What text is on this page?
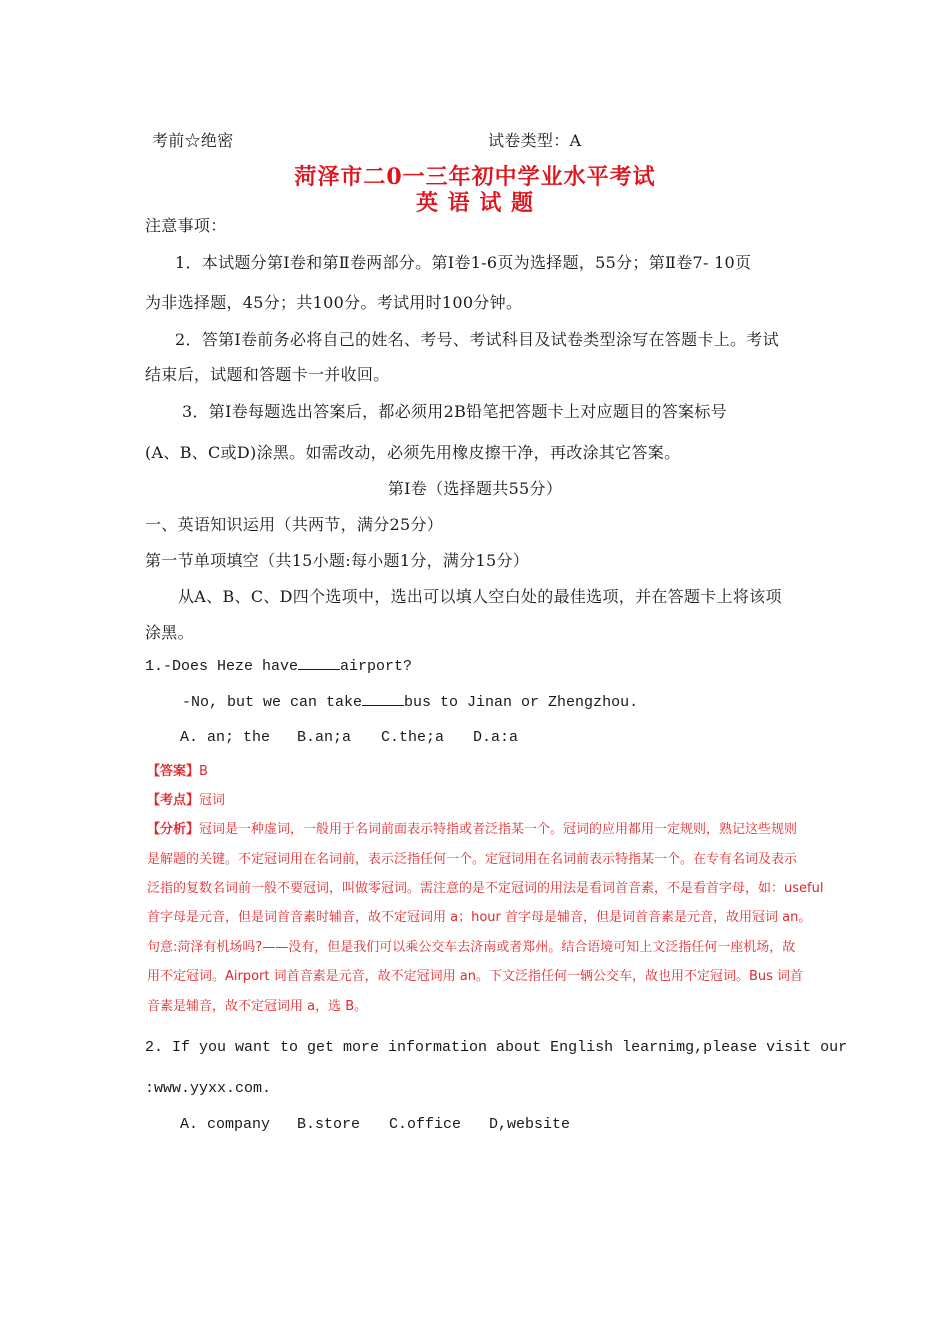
考前☆绝密	试卷类型：A
菏泽市二0一三年初中学业水平考试
英 语 试 题
注意事项：
1．本试题分第Ⅰ卷和第Ⅱ卷两部分。第Ⅰ卷1-6页为选择题，55分；第Ⅱ卷7- 10页
为非选择题，45分；共100分。考试用时100分钟。
2．答第Ⅰ卷前务必将自己的姓名、考号、考试科目及试卷类型涂写在答题卡上。考试
结束后，试题和答题卡一并收回。
3．第Ⅰ卷每题选出答案后，都必须用2B铅笔把答题卡上对应题目的答案标号
(A、B、C或D)涂黑。如需改动，必须先用橡皮擦干净，再改涂其它答案。
第Ⅰ卷（选择题共55分）
一、英语知识运用（共两节，满分25分）
第一节单项填空（共15小题:每小题1分，满分15分）
从A、B、C、D四个选项中，选出可以填人空白处的最佳选项，并在答题卡上将该项
涂黑。
1.-Does Heze have	airport?
-No, but we can take	bus to Jinan or Zhengzhou.
A. an; the B.an;a C.the;a D.a:a
【答案】B
【考点】冠词
【分析】冠词是一种虚词，一般用于名词前面表示特指或者泛指某一个。冠词的应用都用一定规则，熟记这些规则
是解题的关键。不定冠词用在名词前，表示泛指任何一个。定冠词用在名词前表示特指某一个。在专有名词及表示
泛指的复数名词前一般不要冠词，叫做零冠词。需注意的是不定冠词的用法是看词首音素，不是看首字母，如：useful
首字母是元音，但是词首音素时辅音，故不定冠词用 a；hour 首字母是辅音，但是词首音素是元音，故用冠词 an。
句意:菏泽有机场吗?——没有，但是我们可以乘公交车去济南或者郑州。结合语境可知上文泛指任何一座机场，故
用不定冠词。Airport 词首音素是元音，故不定冠词用 an。下文泛指任何一辆公交车，故也用不定冠词。Bus 词首
音素是辅音，故不定冠词用 a，选 B。
2. If you want to get more information about English learnimg,please visit our
:www.yyxx.com.
A. company B.store C.office D,website
